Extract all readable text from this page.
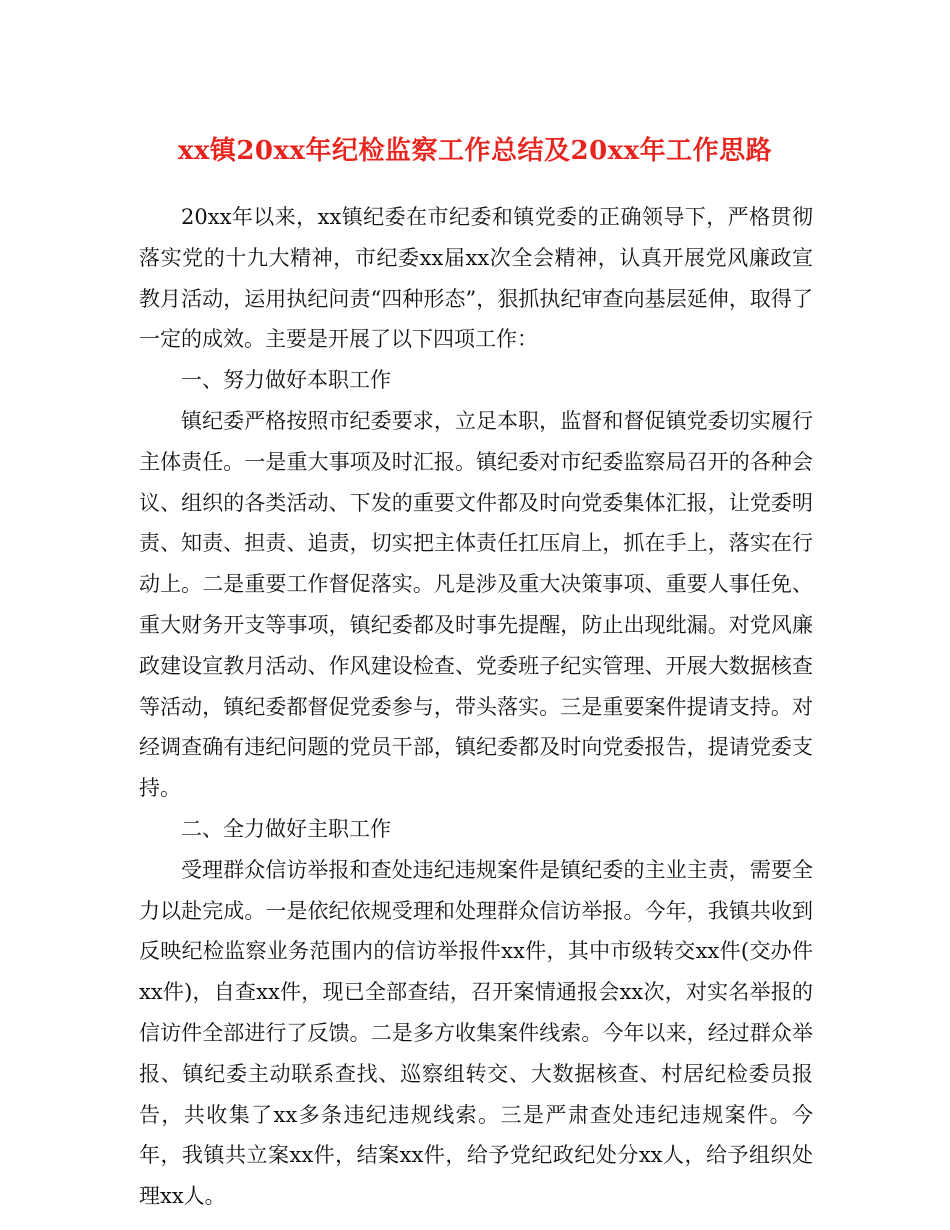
xx镇20xx年纪检监察工作总结及20xx年工作思路

20xx年以来，xx镇纪委在市纪委和镇党委的正确领导下，严格贯彻落实党的十九大精神，市纪委xx届xx次全会精神，认真开展党风廉政宣教月活动，运用执纪问责“四种形态”，狠抓执纪审查向基层延伸，取得了一定的成效。主要是开展了以下四项工作：

一、努力做好本职工作

镇纪委严格按照市纪委要求，立足本职，监督和督促镇党委切实履行主体责任。一是重大事项及时汇报。镇纪委对市纪委监察局召开的各种会议、组织的各类活动、下发的重要文件都及时向党委集体汇报，让党委明责、知责、担责、追责，切实把主体责任扛压肩上，抓在手上，落实在行动上。二是重要工作督促落实。凡是涉及重大决策事项、重要人事任免、重大财务开支等事项，镇纪委都及时事先提醒，防止出现纰漏。对党风廉政建设宣教月活动、作风建设检查、党委班子纪实管理、开展大数据核查等活动，镇纪委都督促党委参与，带头落实。三是重要案件提请支持。对经调查确有违纪问题的党员干部，镇纪委都及时向党委报告，提请党委支持。

二、全力做好主职工作

受理群众信访举报和查处违纪违规案件是镇纪委的主业主责，需要全力以赴完成。一是依纪依规受理和处理群众信访举报。今年，我镇共收到反映纪检监察业务范围内的信访举报件xx件，其中市级转交xx件(交办件xx件)，自查xx件，现已全部查结，召开案情通报会xx次，对实名举报的信访件全部进行了反馈。二是多方收集案件线索。今年以来，经过群众举报、镇纪委主动联系查找、巡察组转交、大数据核查、村居纪检委员报告，共收集了xx多条违纪违规线索。三是严肃查处违纪违规案件。今年，我镇共立案xx件，结案xx件，给予党纪政纪处分xx人，给予组织处理xx人。
